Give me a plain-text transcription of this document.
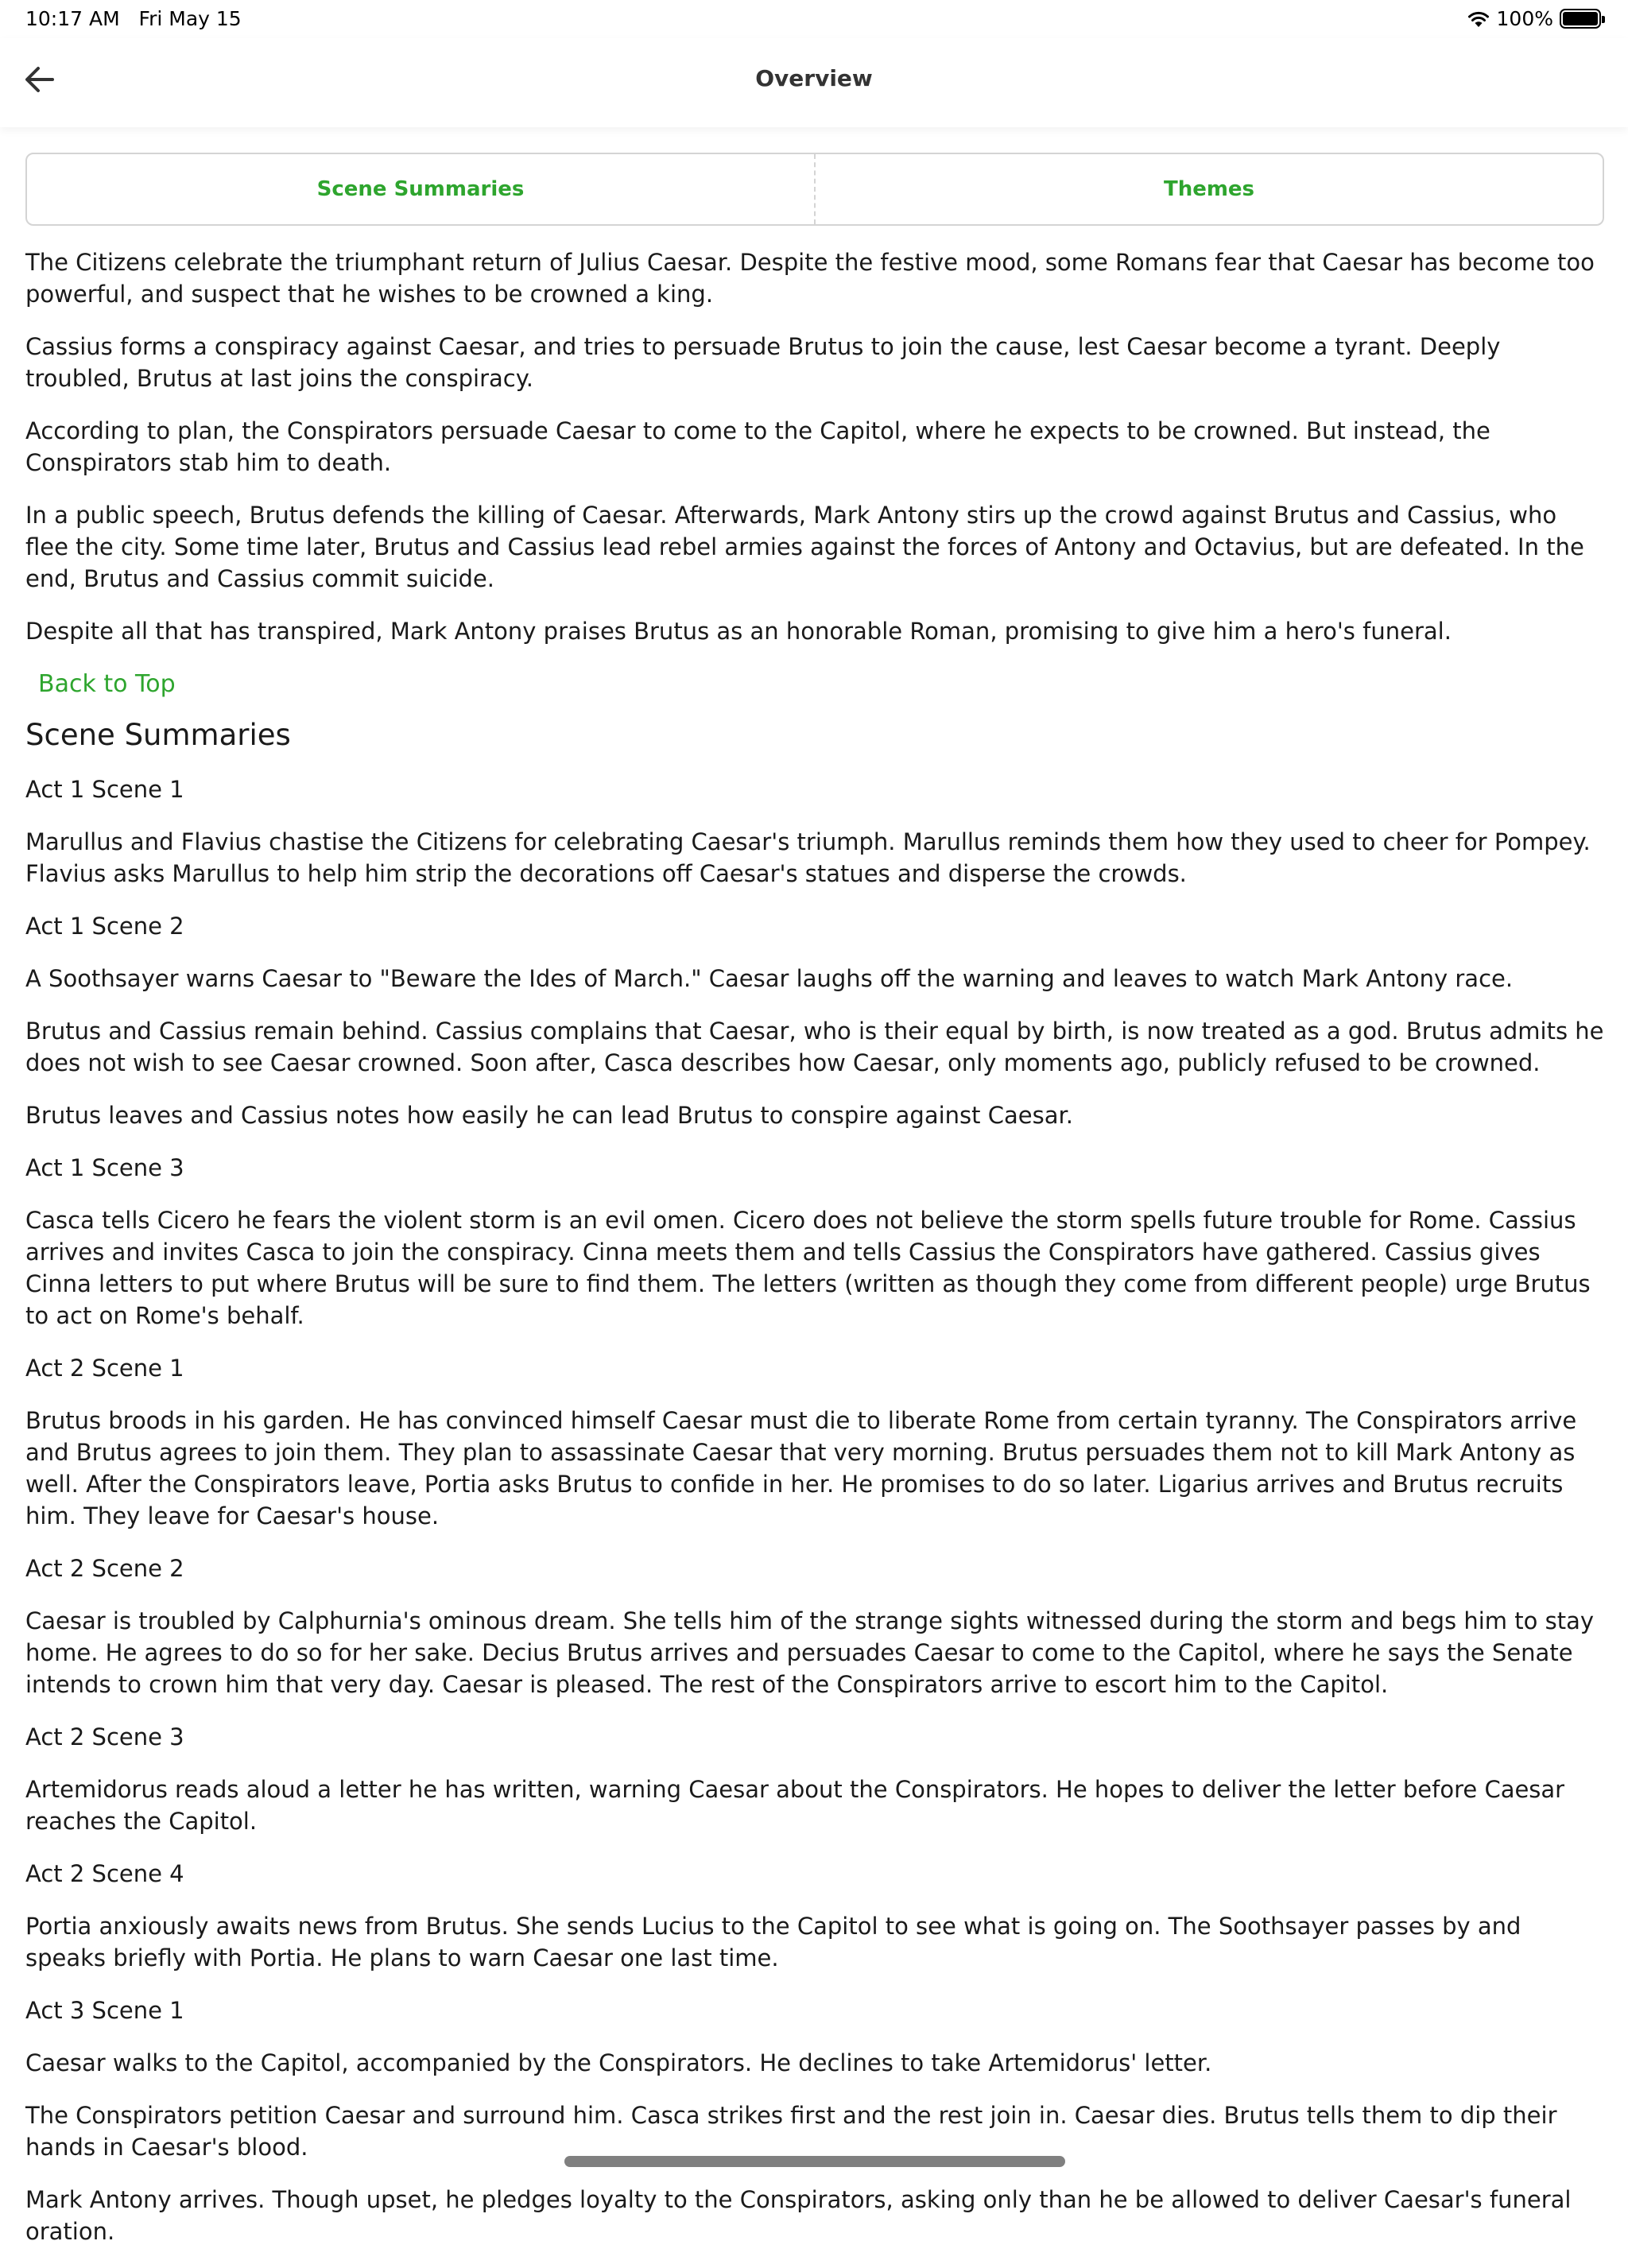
10:17 AM Fri May 15	100%
Overview
Scene Summaries	Themes

The Citizens celebrate the triumphant return of Julius Caesar. Despite the festive mood, some Romans fear that Caesar has become too powerful, and suspect that he wishes to be crowned a king.

Cassius forms a conspiracy against Caesar, and tries to persuade Brutus to join the cause, lest Caesar become a tyrant. Deeply troubled, Brutus at last joins the conspiracy.

According to plan, the Conspirators persuade Caesar to come to the Capitol, where he expects to be crowned. But instead, the Conspirators stab him to death.

In a public speech, Brutus defends the killing of Caesar. Afterwards, Mark Antony stirs up the crowd against Brutus and Cassius, who flee the city. Some time later, Brutus and Cassius lead rebel armies against the forces of Antony and Octavius, but are defeated. In the end, Brutus and Cassius commit suicide.

Despite all that has transpired, Mark Antony praises Brutus as an honorable Roman, promising to give him a hero's funeral.

Back to Top
Scene Summaries
Act 1 Scene 1

Marullus and Flavius chastise the Citizens for celebrating Caesar's triumph. Marullus reminds them how they used to cheer for Pompey. Flavius asks Marullus to help him strip the decorations off Caesar's statues and disperse the crowds.

Act 1 Scene 2

A Soothsayer warns Caesar to "Beware the Ides of March." Caesar laughs off the warning and leaves to watch Mark Antony race.

Brutus and Cassius remain behind. Cassius complains that Caesar, who is their equal by birth, is now treated as a god. Brutus admits he does not wish to see Caesar crowned. Soon after, Casca describes how Caesar, only moments ago, publicly refused to be crowned.

Brutus leaves and Cassius notes how easily he can lead Brutus to conspire against Caesar.

Act 1 Scene 3

Casca tells Cicero he fears the violent storm is an evil omen. Cicero does not believe the storm spells future trouble for Rome. Cassius arrives and invites Casca to join the conspiracy. Cinna meets them and tells Cassius the Conspirators have gathered. Cassius gives Cinna letters to put where Brutus will be sure to find them. The letters (written as though they come from different people) urge Brutus to act on Rome's behalf.

Act 2 Scene 1

Brutus broods in his garden. He has convinced himself Caesar must die to liberate Rome from certain tyranny. The Conspirators arrive and Brutus agrees to join them. They plan to assassinate Caesar that very morning. Brutus persuades them not to kill Mark Antony as well. After the Conspirators leave, Portia asks Brutus to confide in her. He promises to do so later. Ligarius arrives and Brutus recruits him. They leave for Caesar's house.

Act 2 Scene 2

Caesar is troubled by Calphurnia's ominous dream. She tells him of the strange sights witnessed during the storm and begs him to stay home. He agrees to do so for her sake. Decius Brutus arrives and persuades Caesar to come to the Capitol, where he says the Senate intends to crown him that very day. Caesar is pleased. The rest of the Conspirators arrive to escort him to the Capitol.

Act 2 Scene 3

Artemidorus reads aloud a letter he has written, warning Caesar about the Conspirators. He hopes to deliver the letter before Caesar reaches the Capitol.

Act 2 Scene 4

Portia anxiously awaits news from Brutus. She sends Lucius to the Capitol to see what is going on. The Soothsayer passes by and speaks briefly with Portia. He plans to warn Caesar one last time.

Act 3 Scene 1

Caesar walks to the Capitol, accompanied by the Conspirators. He declines to take Artemidorus' letter.

The Conspirators petition Caesar and surround him. Casca strikes first and the rest join in. Caesar dies. Brutus tells them to dip their hands in Caesar's blood.

Mark Antony arrives. Though upset, he pledges loyalty to the Conspirators, asking only than he be allowed to deliver Caesar's funeral oration.
